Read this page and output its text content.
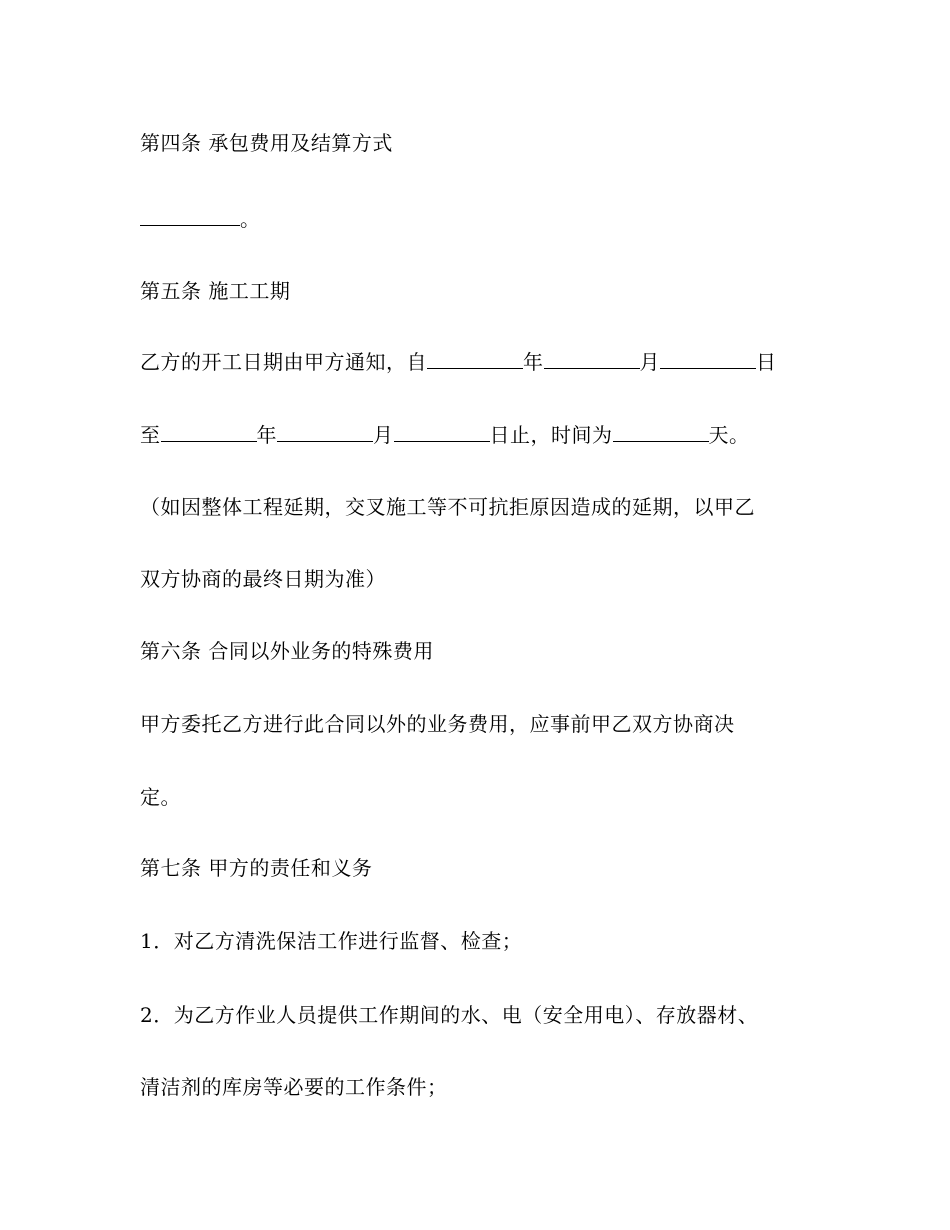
第四条 承包费用及结算方式
。
第五条 施工工期
乙方的开工日期由甲方通知，自	年	月	日
至	年	月	日止，时间为	天。
（如因整体工程延期，交叉施工等不可抗拒原因造成的延期，以甲乙
双方协商的最终日期为准）
第六条 合同以外业务的特殊费用
甲方委托乙方进行此合同以外的业务费用，应事前甲乙双方协商决
定。
第七条 甲方的责任和义务
1．对乙方清洗保洁工作进行监督、检查；
2．为乙方作业人员提供工作期间的水、电（安全用电）、存放器材、
清洁剂的库房等必要的工作条件；
